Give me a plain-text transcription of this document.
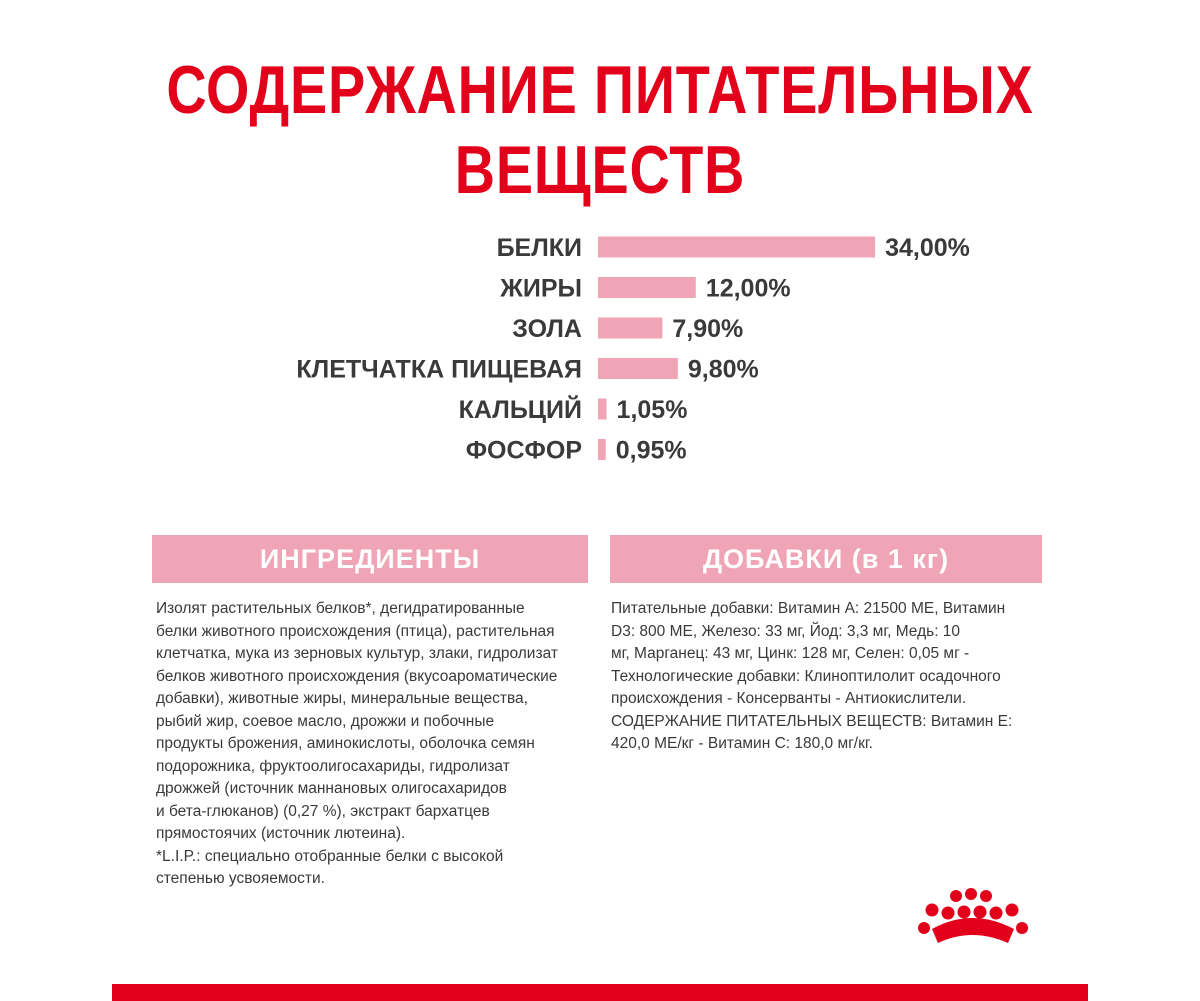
СОДЕРЖАНИЕ ПИТАТЕЛЬНЫХ
ВЕЩЕСТВ
БЕЛКИ	34,00%
ЖИРЫ	12,00%
ЗОЛА	7,90%
КЛЕТЧАТКА ПИЩЕВАЯ	9,80%
КАЛЬЦИЙ 1,05%
ФОСФОР 0,95%
ИНГРЕДИЕНТЫ	ДОБАВКИ (в 1 кг)
Изолят растительных белков*, дегидратированные
белки животного происхождения (птица), растительная
клетчатка, мука из зерновых культур, злаки, гидролизат
белков животного происхождения (вкусоароматические
добавки), животные жиры, минеральные вещества,
рыбий жир, соевое масло, дрожжи и побочные
продукты брожения, аминокислоты, оболочка семян
подорожника, фруктоолигосахариды, гидролизат
дрожжей (источник маннановых олигосахаридов
и бета-глюканов) (0,27 %), экстракт бархатцев
прямостоячих (источник лютеина).
*L.I.P.: специально отобранные белки с высокой
степенью усвояемости.
Питательные добавки: Витамин А: 21500 МЕ, Витамин
D3: 800 МЕ, Железо: 33 мг, Йод: 3,3 мг, Медь: 10
мг, Марганец: 43 мг, Цинк: 128 мг, Селен: 0,05 мг -
Технологические добавки: Клиноптилолит осадочного
происхождения - Консерванты - Антиокислители.
СОДЕРЖАНИЕ ПИТАТЕЛЬНЫХ ВЕЩЕСТВ: Витамин Е:
420,0 МЕ/кг - Витамин С: 180,0 мг/кг.
